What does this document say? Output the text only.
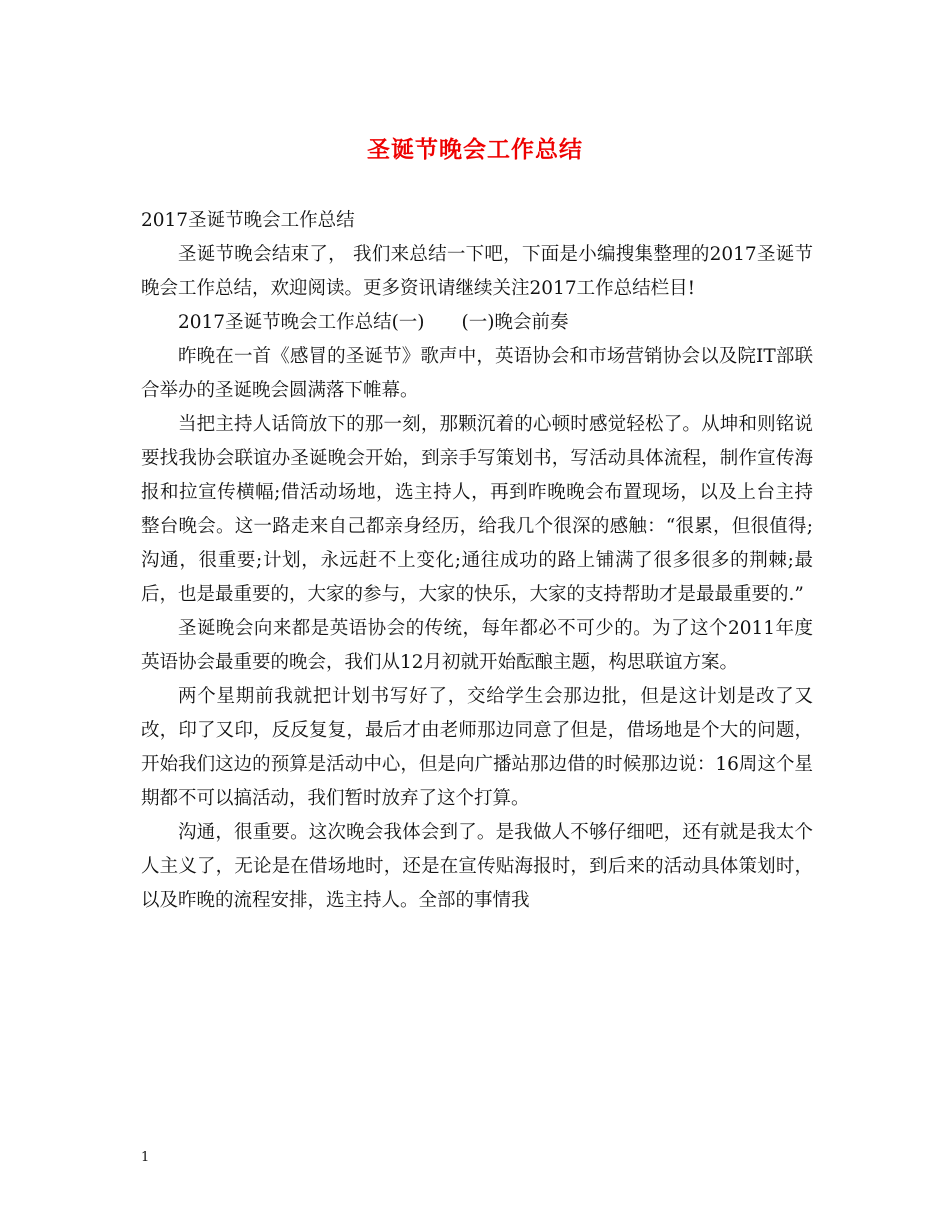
圣诞节晚会工作总结

2017圣诞节晚会工作总结

圣诞节晚会结束了， 我们来总结一下吧，下面是小编搜集整理的2017圣诞节晚会工作总结，欢迎阅读。更多资讯请继续关注2017工作总结栏目!

2017圣诞节晚会工作总结(一)　　(一)晚会前奏

昨晚在一首《感冒的圣诞节》歌声中，英语协会和市场营销协会以及院IT部联合举办的圣诞晚会圆满落下帷幕。

当把主持人话筒放下的那一刻，那颗沉着的心顿时感觉轻松了。从坤和则铭说要找我协会联谊办圣诞晚会开始，到亲手写策划书，写活动具体流程，制作宣传海报和拉宣传横幅;借活动场地，选主持人，再到昨晚晚会布置现场，以及上台主持整台晚会。这一路走来自己都亲身经历，给我几个很深的感触：“很累，但很值得;沟通，很重要;计划，永远赶不上变化;通往成功的路上铺满了很多很多的荆棘;最后，也是最重要的，大家的参与，大家的快乐，大家的支持帮助才是最最重要的.”

圣诞晚会向来都是英语协会的传统，每年都必不可少的。为了这个2011年度英语协会最重要的晚会，我们从12月初就开始酝酿主题，构思联谊方案。

两个星期前我就把计划书写好了，交给学生会那边批，但是这计划是改了又改，印了又印，反反复复，最后才由老师那边同意了但是，借场地是个大的问题，开始我们这边的预算是活动中心，但是向广播站那边借的时候那边说：16周这个星期都不可以搞活动，我们暂时放弃了这个打算。

沟通，很重要。这次晚会我体会到了。是我做人不够仔细吧，还有就是我太个人主义了，无论是在借场地时，还是在宣传贴海报时，到后来的活动具体策划时，以及昨晚的流程安排，选主持人。全部的事情我

1
